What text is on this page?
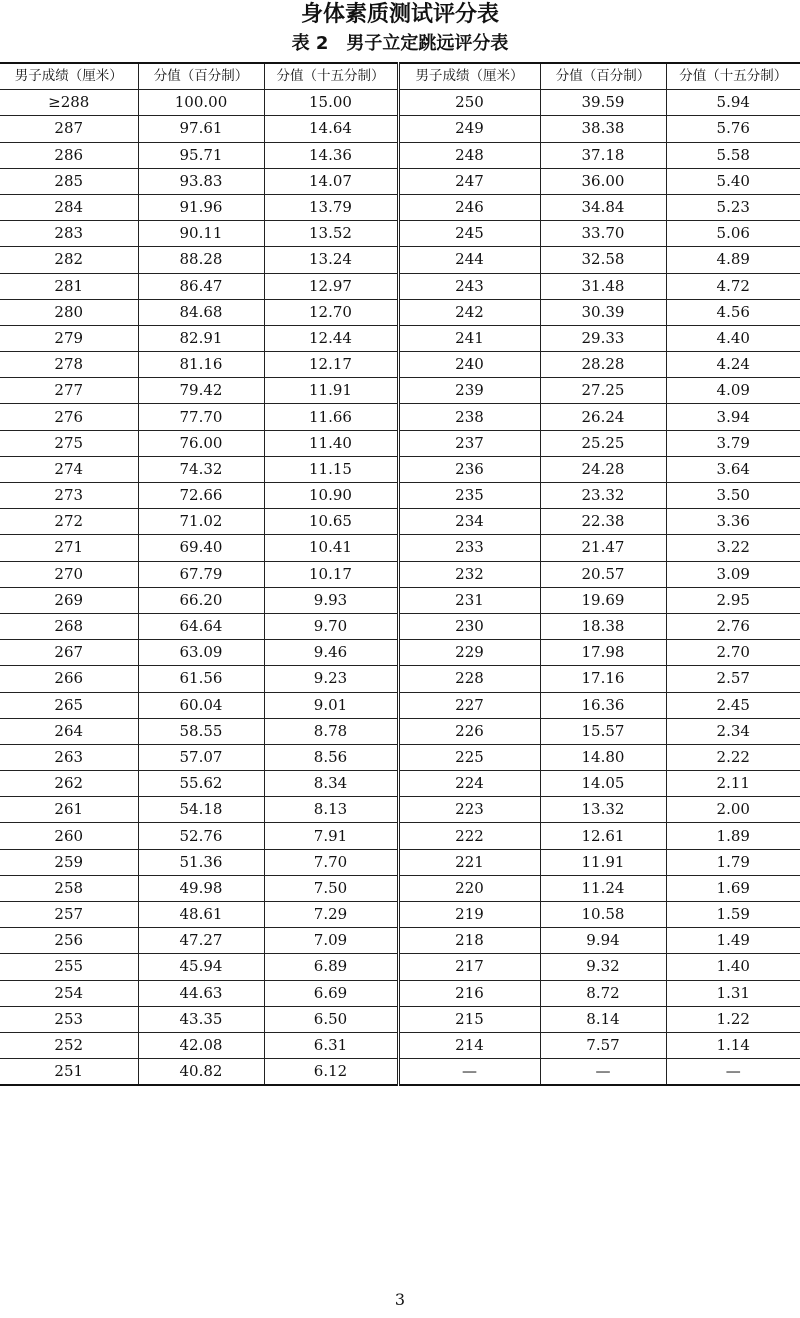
身体素质测试评分表
表 2　男子立定跳远评分表
男子成绩（厘米）	分值（百分制）	分值（十五分制）	男子成绩（厘米）	分值（百分制）	分值（十五分制）
≥288	100.00	15.00	250	39.59	5.94
287	97.61	14.64	249	38.38	5.76
286	95.71	14.36	248	37.18	5.58
285	93.83	14.07	247	36.00	5.40
284	91.96	13.79	246	34.84	5.23
283	90.11	13.52	245	33.70	5.06
282	88.28	13.24	244	32.58	4.89
281	86.47	12.97	243	31.48	4.72
280	84.68	12.70	242	30.39	4.56
279	82.91	12.44	241	29.33	4.40
278	81.16	12.17	240	28.28	4.24
277	79.42	11.91	239	27.25	4.09
276	77.70	11.66	238	26.24	3.94
275	76.00	11.40	237	25.25	3.79
274	74.32	11.15	236	24.28	3.64
273	72.66	10.90	235	23.32	3.50
272	71.02	10.65	234	22.38	3.36
271	69.40	10.41	233	21.47	3.22
270	67.79	10.17	232	20.57	3.09
269	66.20	9.93	231	19.69	2.95
268	64.64	9.70	230	18.38	2.76
267	63.09	9.46	229	17.98	2.70
266	61.56	9.23	228	17.16	2.57
265	60.04	9.01	227	16.36	2.45
264	58.55	8.78	226	15.57	2.34
263	57.07	8.56	225	14.80	2.22
262	55.62	8.34	224	14.05	2.11
261	54.18	8.13	223	13.32	2.00
260	52.76	7.91	222	12.61	1.89
259	51.36	7.70	221	11.91	1.79
258	49.98	7.50	220	11.24	1.69
257	48.61	7.29	219	10.58	1.59
256	47.27	7.09	218	9.94	1.49
255	45.94	6.89	217	9.32	1.40
254	44.63	6.69	216	8.72	1.31
253	43.35	6.50	215	8.14	1.22
252	42.08	6.31	214	7.57	1.14
251	40.82	6.12	—	—	—
3
